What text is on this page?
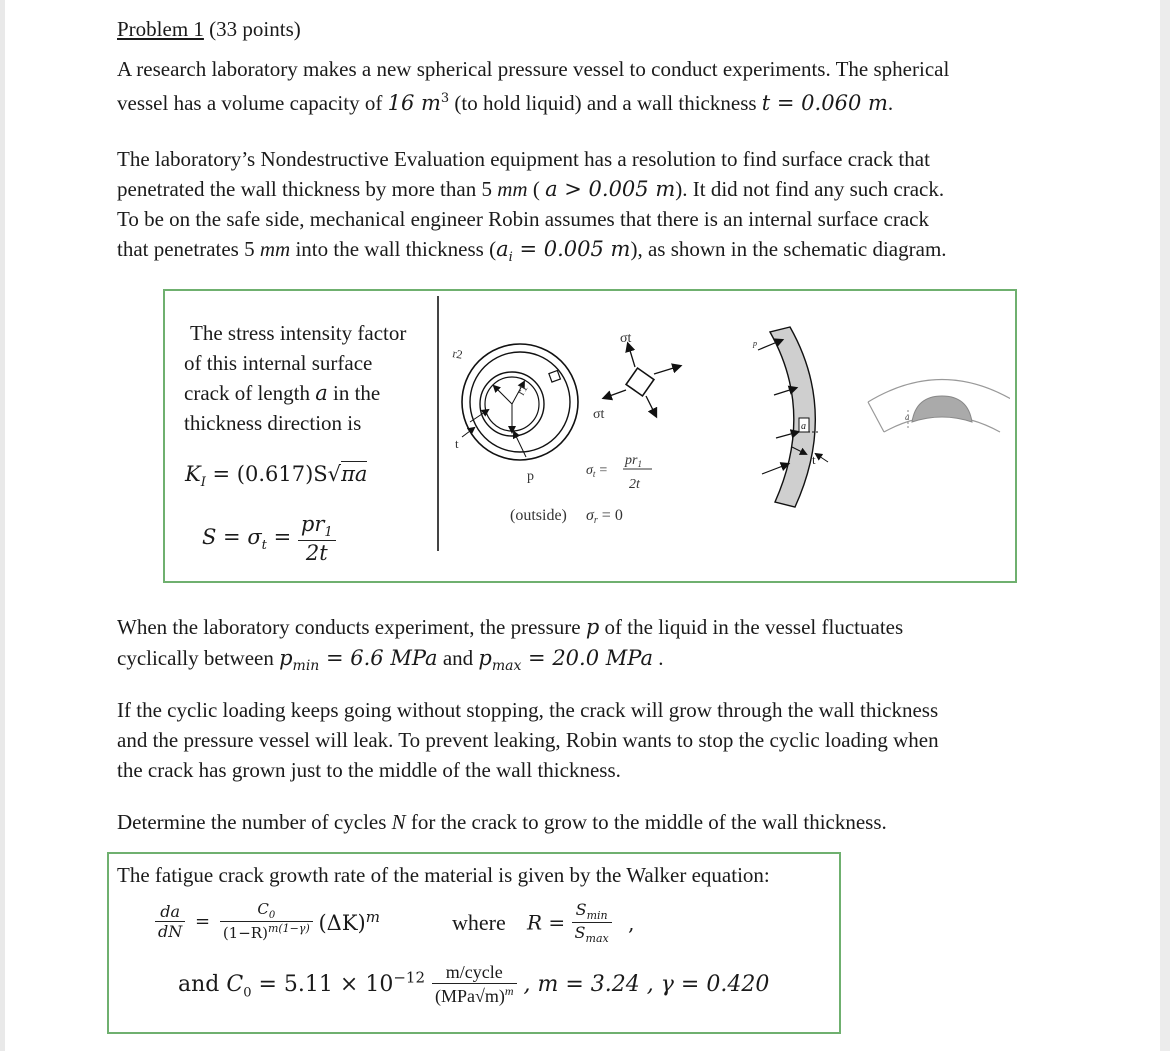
Problem 1 (33 points)
A research laboratory makes a new spherical pressure vessel to conduct experiments. The spherical
vessel has a volume capacity of 16 $m^3$ (to hold liquid) and a wall thickness t = 0.060 m.
The laboratory’s Nondestructive Evaluation equipment has a resolution to find surface crack that
penetrated the wall thickness by more than 5 mm ( a > 0.005 m). It did not find any such crack.
To be on the safe side, mechanical engineer Robin assumes that there is an internal surface crack
that penetrates 5 mm into the wall thickness ($a_i = 0.005$ m), as shown in the schematic diagram.
The stress intensity factor
of this internal surface
crack of length a in the
thickness direction is
$K_I = (0.617)S√\pi a$
$S = \sigma_t = \frac{pr_1}{2t}$
r2
r1
t
p
σt
σt
$\sigma_t$ =
$pr_1$
2t
(outside) σr = 0
p
a
t
a
When the laboratory conducts experiment, the pressure p of the liquid in the vessel fluctuates
cyclically between $p_{min} = 6.6$ MPa and $p_{max} = 20.0$ MPa .
If the cyclic loading keeps going without stopping, the crack will grow through the wall thickness
and the pressure vessel will leak. To prevent leaking, Robin wants to stop the cyclic loading when
the crack has grown just to the middle of the wall thickness.
Determine the number of cycles N for the crack to grow to the middle of the wall thickness.
The fatigue crack growth rate of the material is given by the Walker equation:
$\frac{da}{dN} = \frac{C_0}{(1-R)^{m(1-\gamma)}} (\Delta K)^m$	where $R = \frac{S_{min}}{S_{max}}$ ,
and $C_0 = 5.11 \times 10^{-12} \frac{\text{m/cycle}}{(MPa√m)^m}$ , m = 3.24 , γ = 0.420
